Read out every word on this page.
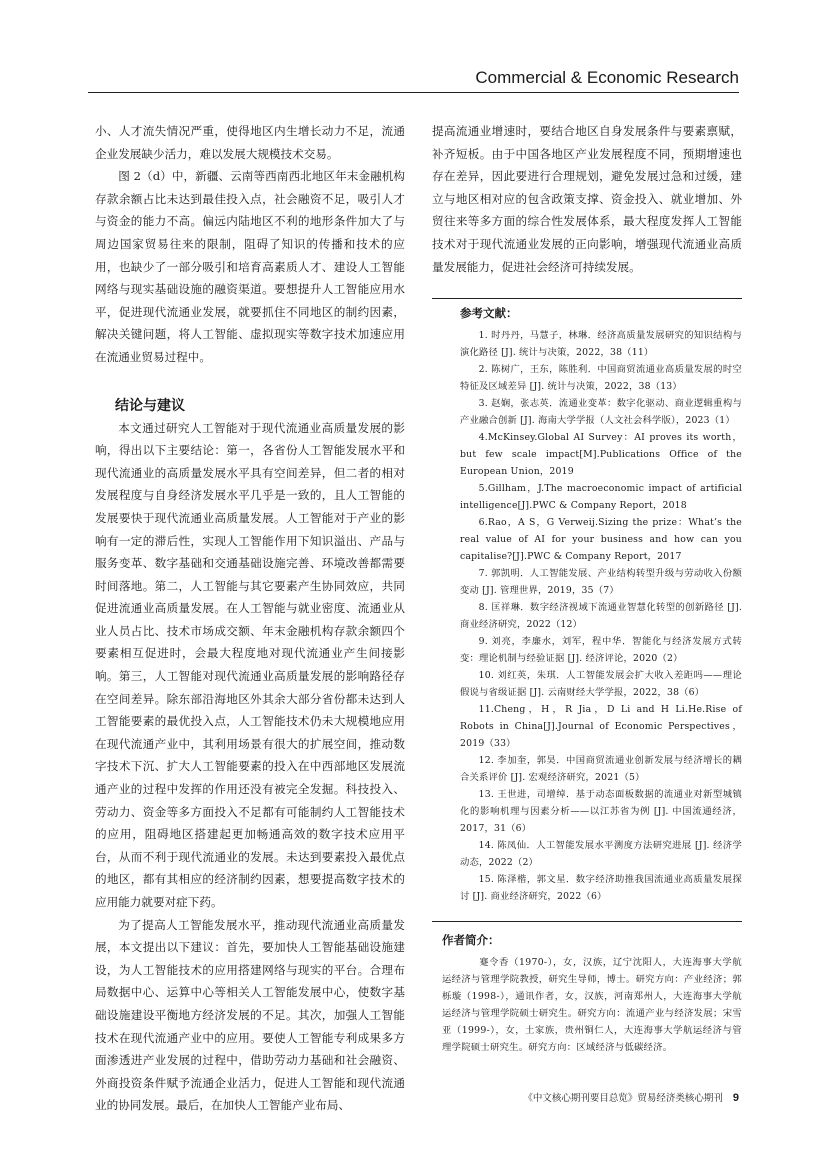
Commercial & Economic Research

小、人才流失情况严重，使得地区内生增长动力不足，流通企业发展缺少活力，难以发展大规模技术交易。

图 2（d）中，新疆、云南等西南西北地区年末金融机构存款余额占比未达到最佳投入点，社会融资不足，吸引人才与资金的能力不高。偏远内陆地区不利的地形条件加大了与周边国家贸易往来的限制，阻碍了知识的传播和技术的应用，也缺少了一部分吸引和培育高素质人才、建设人工智能网络与现实基础设施的融资渠道。要想提升人工智能应用水平，促进现代流通业发展，就要抓住不同地区的制约因素，解决关键问题，将人工智能、虚拟现实等数字技术加速应用在流通业贸易过程中。

结论与建议

本文通过研究人工智能对于现代流通业高质量发展的影响，得出以下主要结论：第一，各省份人工智能发展水平和现代流通业的高质量发展水平具有空间差异，但二者的相对发展程度与自身经济发展水平几乎是一致的，且人工智能的发展要快于现代流通业高质量发展。人工智能对于产业的影响有一定的滞后性，实现人工智能作用下知识溢出、产品与服务变革、数字基础和交通基础设施完善、环境改善都需要时间落地。第二，人工智能与其它要素产生协同效应，共同促进流通业高质量发展。在人工智能与就业密度、流通业从业人员占比、技术市场成交额、年末金融机构存款余额四个要素相互促进时，会最大程度地对现代流通业产生间接影响。第三，人工智能对现代流通业高质量发展的影响路径存在空间差异。除东部沿海地区外其余大部分省份都未达到人工智能要素的最优投入点，人工智能技术仍未大规模地应用在现代流通产业中，其利用场景有很大的扩展空间，推动数字技术下沉、扩大人工智能要素的投入在中西部地区发展流通产业的过程中发挥的作用还没有被完全发掘。科技投入、劳动力、资金等多方面投入不足都有可能制约人工智能技术的应用，阻碍地区搭建起更加畅通高效的数字技术应用平台，从而不利于现代流通业的发展。未达到要素投入最优点的地区，都有其相应的经济制约因素，想要提高数字技术的应用能力就要对症下药。

为了提高人工智能发展水平，推动现代流通业高质量发展，本文提出以下建议：首先，要加快人工智能基础设施建设，为人工智能技术的应用搭建网络与现实的平台。合理布局数据中心、运算中心等相关人工智能发展中心，使数字基础设施建设平衡地方经济发展的不足。其次，加强人工智能技术在现代流通产业中的应用。要使人工智能专利成果多方面渗透进产业发展的过程中，借助劳动力基础和社会融资、外商投资条件赋予流通企业活力，促进人工智能和现代流通业的协同发展。最后，在加快人工智能产业布局、

提高流通业增速时，要结合地区自身发展条件与要素禀赋，补齐短板。由于中国各地区产业发展程度不同，预期增速也存在差异，因此要进行合理规划，避免发展过急和过缓，建立与地区相对应的包含政策支撑、资金投入、就业增加、外贸往来等多方面的综合性发展体系，最大程度发挥人工智能技术对于现代流通业发展的正向影响，增强现代流通业高质量发展能力，促进社会经济可持续发展。

参考文献：

1. 时丹丹，马慧子，林琳．经济高质量发展研究的知识结构与演化路径 [J]. 统计与决策，2022，38（11）

2. 陈树广，王东，陈胜利．中国商贸流通业高质量发展的时空特征及区域差异 [J]. 统计与决策，2022，38（13）

3. 赵娴，张志英．流通业变革：数字化驱动、商业逻辑重构与产业融合创新 [J]. 海南大学学报（人文社会科学版），2023（1）

4.McKinsey.Global AI Survey：AI proves its worth，but few scale impact[M].Publications Office of the European Union，2019

5.Gillham，J.The macroeconomic impact of artificial intelligence[J].PWC & Company Report，2018

6.Rao，A S，G Verweij.Sizing the prize：What’s the real value of AI for your business and how can you capitalise?[J].PWC & Company Report，2017

7. 郭凯明．人工智能发展、产业结构转型升级与劳动收入份额变动 [J]. 管理世界，2019，35（7）

8. 匡祥琳．数字经济视域下流通业智慧化转型的创新路径 [J]. 商业经济研究，2022（12）

9. 刘亮，李廉水，刘军，程中华．智能化与经济发展方式转变：理论机制与经验证据 [J]. 经济评论，2020（2）

10. 刘红英，朱琪．人工智能发展会扩大收入差距吗——理论假说与省级证据 [J]. 云南财经大学学报，2022，38（6）

11.Cheng，H，R Jia，D Li and H Li.He.Rise of Robots in China[J].Journal of Economic Perspectives，2019（33）

12. 李加奎，郭昊．中国商贸流通业创新发展与经济增长的耦合关系评价 [J]. 宏观经济研究，2021（5）

13. 王世进，司增绰．基于动态面板数据的流通业对新型城镇化的影响机理与因素分析——以江苏省为例 [J]. 中国流通经济，2017，31（6）

14. 陈凤仙．人工智能发展水平测度方法研究进展 [J]. 经济学动态，2022（2）

15. 陈泽楷，郭文星．数字经济助推我国流通业高质量发展探讨 [J]. 商业经济研究，2022（6）

作者简介：

蹇令香（1970-），女，汉族，辽宁沈阳人，大连海事大学航运经济与管理学院教授，研究生导师，博士。研究方向：产业经济；郭栎璇（1998-），通讯作者，女，汉族，河南郑州人，大连海事大学航运经济与管理学院硕士研究生。研究方向：流通产业与经济发展；宋雪亚（1999-），女，土家族，贵州铜仁人，大连海事大学航运经济与管理学院硕士研究生。研究方向：区域经济与低碳经济。

《中文核心期刊要目总览》贸易经济类核心期刊 9
